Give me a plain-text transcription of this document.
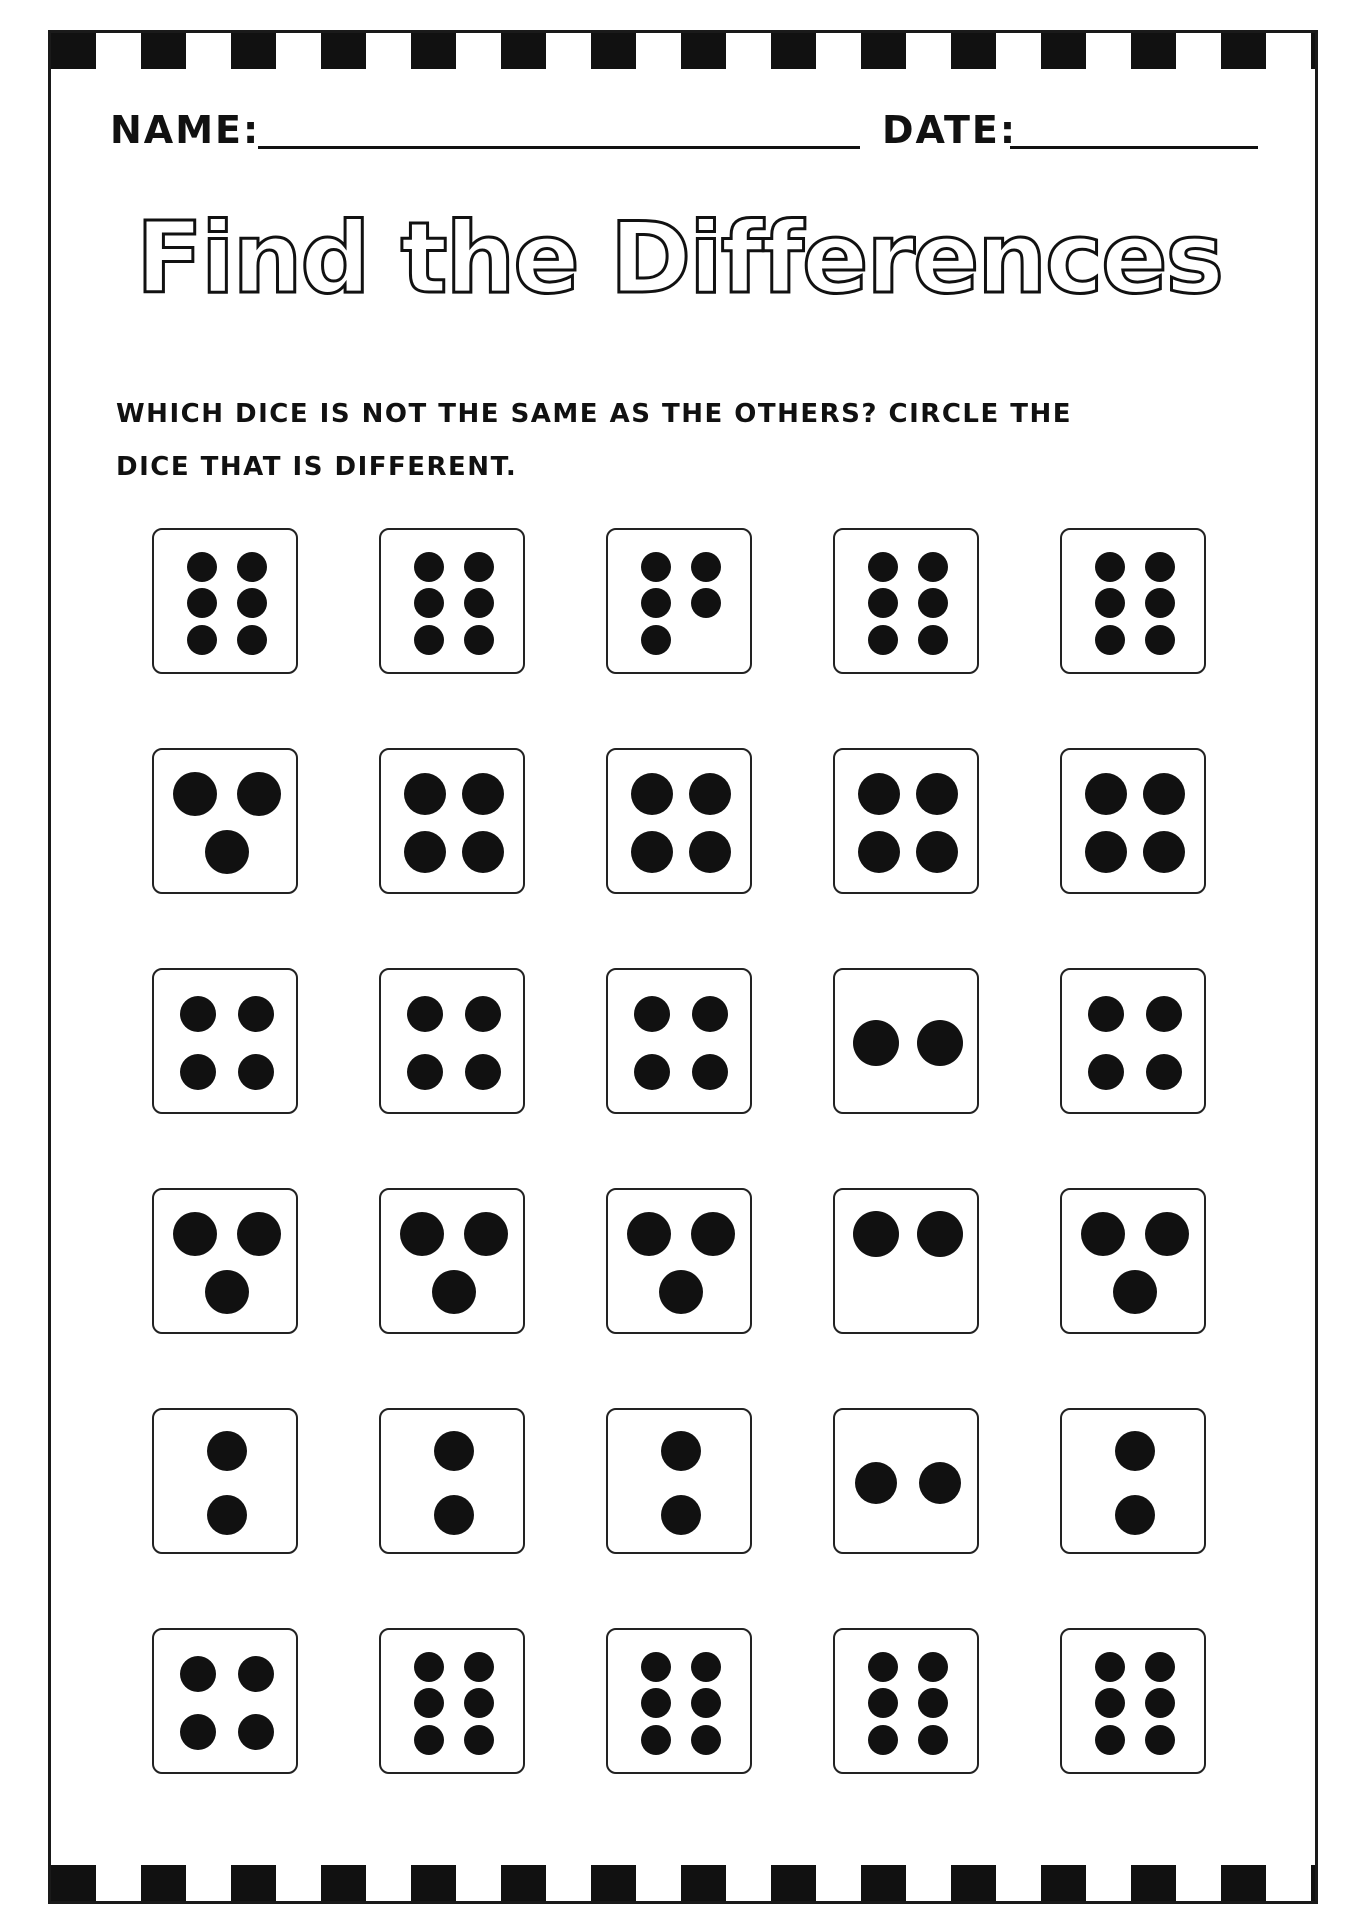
NAME:	DATE:
Find the Differences
WHICH DICE IS NOT THE SAME AS THE OTHERS? CIRCLE THE DICE THAT IS DIFFERENT.
